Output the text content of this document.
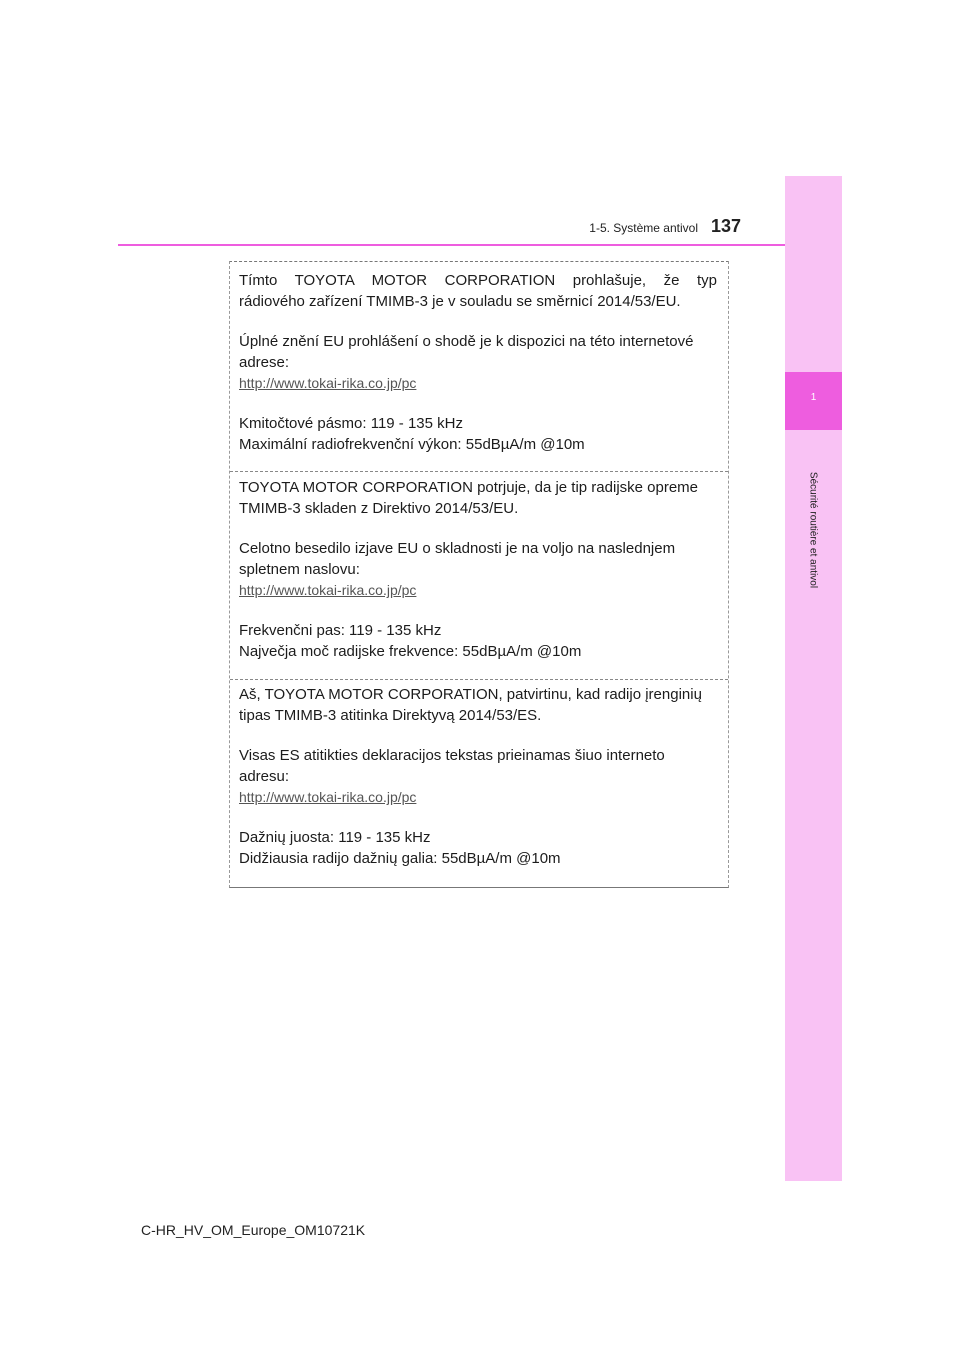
1
Sécurité routière et antivol
1-5. Système antivol 137

Tímto TOYOTA MOTOR CORPORATION prohlašuje, že typ

rádiového zařízení TMIMB-3 je v souladu se směrnicí 2014/53/EU.

Úplné znění EU prohlášení o shodě je k dispozici na této internetové

adrese:

http://www.tokai-rika.co.jp/pc

Kmitočtové pásmo: 119 - 135 kHz

Maximální radiofrekvenční výkon: 55dBµA/m @10m

TOYOTA MOTOR CORPORATION potrjuje, da je tip radijske opreme

TMIMB-3 skladen z Direktivo 2014/53/EU.

Celotno besedilo izjave EU o skladnosti je na voljo na naslednjem

spletnem naslovu:

http://www.tokai-rika.co.jp/pc

Frekvenčni pas: 119 - 135 kHz

Največja moč radijske frekvence: 55dBµA/m @10m

Aš, TOYOTA MOTOR CORPORATION, patvirtinu, kad radijo įrenginių

tipas TMIMB-3 atitinka Direktyvą 2014/53/ES.

Visas ES atitikties deklaracijos tekstas prieinamas šiuo interneto

adresu:

http://www.tokai-rika.co.jp/pc

Dažnių juosta: 119 - 135 kHz

Didžiausia radijo dažnių galia: 55dBµA/m @10m

C-HR_HV_OM_Europe_OM10721K
